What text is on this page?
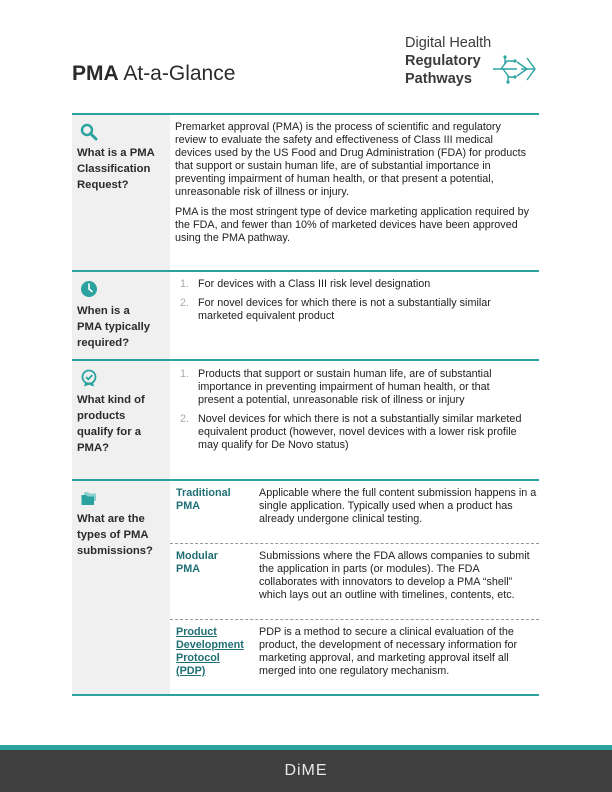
PMA At-a-Glance
Digital Health
Regulatory
Pathways
What is a PMA
Classification
Request?

Premarket approval (PMA) is the process of scientific and regulatory review to evaluate the safety and effectiveness of Class III medical devices used by the US Food and Drug Administration (FDA) for products that support or sustain human life, are of substantial importance in preventing impairment of human health, or that present a potential, unreasonable risk of illness or injury.

PMA is the most stringent type of device marketing application required by the FDA, and fewer than 10% of marketed devices have been approved using the PMA pathway.

When is a
PMA typically
required?
1. For devices with a Class III risk level designation
2. For novel devices for which there is not a substantially similar marketed equivalent product
What kind of
products
qualify for a
PMA?
1. Products that support or sustain human life, are of substantial importance in preventing impairment of human health, or that present a potential, unreasonable risk of illness or injury
2. Novel devices for which there is not a substantially similar marketed equivalent product (however, novel devices with a lower risk profile may qualify for De Novo status)
What are the
types of PMA
submissions?
Traditional PMA
Applicable where the full content submission happens in a single application. Typically used when a product has already undergone clinical testing.
Modular PMA
Submissions where the FDA allows companies to submit the application in parts (or modules). The FDA collaborates with innovators to develop a PMA “shell” which lays out an outline with timelines, contents, etc.
Product Development Protocol (PDP)
PDP is a method to secure a clinical evaluation of the product, the development of necessary information for marketing approval, and marketing approval itself all merged into one regulatory mechanism.
DiME
